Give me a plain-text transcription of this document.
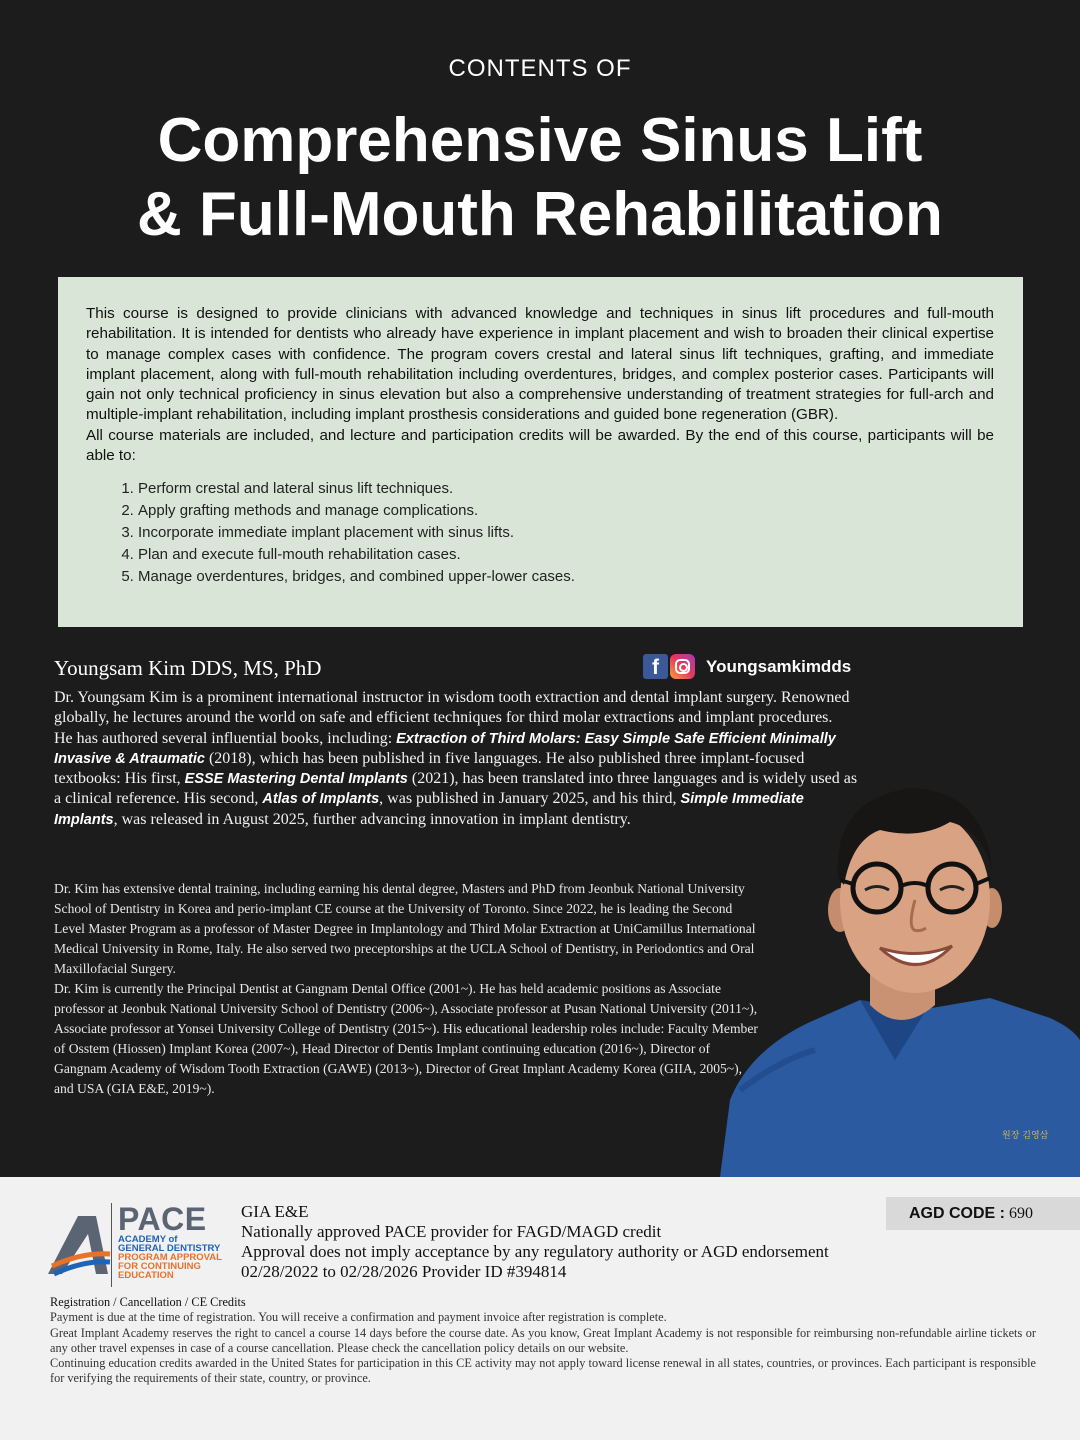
CONTENTS OF
Comprehensive Sinus Lift
& Full-Mouth Rehabilitation

This course is designed to provide clinicians with advanced knowledge and techniques in sinus lift procedures and full-mouth rehabilitation. It is intended for dentists who already have experience in implant placement and wish to broaden their clinical expertise to manage complex cases with confidence. The program covers crestal and lateral sinus lift techniques, grafting, and immediate implant placement, along with full-mouth rehabilitation including overdentures, bridges, and complex posterior cases. Participants will gain not only technical proficiency in sinus elevation but also a comprehensive understanding of treatment strategies for full-arch and multiple-implant rehabilitation, including implant prosthesis considerations and guided bone regeneration (GBR).

All course materials are included, and lecture and participation credits will be awarded. By the end of this course, participants will be able to:

1. Perform crestal and lateral sinus lift techniques.
2. Apply grafting methods and manage complications.
3. Incorporate immediate implant placement with sinus lifts.
4. Plan and execute full-mouth rehabilitation cases.
5. Manage overdentures, bridges, and combined upper-lower cases.
Youngsam Kim DDS, MS, PhD	f	Youngsamkimdds

Dr. Youngsam Kim is a prominent international instructor in wisdom tooth extraction and dental implant surgery. Renowned globally, he lectures around the world on safe and efficient techniques for third molar extractions and implant procedures.

He has authored several influential books, including: Extraction of Third Molars: Easy Simple Safe Efficient Minimally Invasive & Atraumatic (2018), which has been published in five languages. He also published three implant-focused textbooks: His first, ESSE Mastering Dental Implants (2021), has been translated into three languages and is widely used as a clinical reference. His second, Atlas of Implants, was published in January 2025, and his third, Simple Immediate Implants, was released in August 2025, further advancing innovation in implant dentistry.

Dr. Kim has extensive dental training, including earning his dental degree, Masters and PhD from Jeonbuk National University School of Dentistry in Korea and perio-implant CE course at the University of Toronto. Since 2022, he is leading the Second Level Master Program as a professor of Master Degree in Implantology and Third Molar Extraction at UniCamillus International Medical University in Rome, Italy. He also served two preceptorships at the UCLA School of Dentistry, in Periodontics and Oral Maxillofacial Surgery.

Dr. Kim is currently the Principal Dentist at Gangnam Dental Office (2001~). He has held academic positions as Associate professor at Jeonbuk National University School of Dentistry (2006~), Associate professor at Pusan National University (2011~), Associate professor at Yonsei University College of Dentistry (2015~). His educational leadership roles include: Faculty Member of Osstem (Hiossen) Implant Korea (2007~), Head Director of Dentis Implant continuing education (2016~), Director of Gangnam Academy of Wisdom Tooth Extraction (GAWE) (2013~), Director of Great Implant Academy Korea (GIIA, 2005~), and USA (GIA E&E, 2019~).

원장 김영삼
PACE
ACADEMY of
GENERAL DENTISTRY
PROGRAM APPROVAL
FOR CONTINUING
EDUCATION
GIA E&E
Nationally approved PACE provider for FAGD/MAGD credit
Approval does not imply acceptance by any regulatory authority or AGD endorsement
02/28/2022 to 02/28/2026 Provider ID #394814
AGD CODE : 690

Registration / Cancellation / CE Credits

Payment is due at the time of registration. You will receive a confirmation and payment invoice after registration is complete.

Great Implant Academy reserves the right to cancel a course 14 days before the course date. As you know, Great Implant Academy is not responsible for reimbursing non-refundable airline tickets or any other travel expenses in case of a course cancellation. Please check the cancellation policy details on our website.

Continuing education credits awarded in the United States for participation in this CE activity may not apply toward license renewal in all states, countries, or provinces. Each participant is responsible for verifying the requirements of their state, country, or province.
